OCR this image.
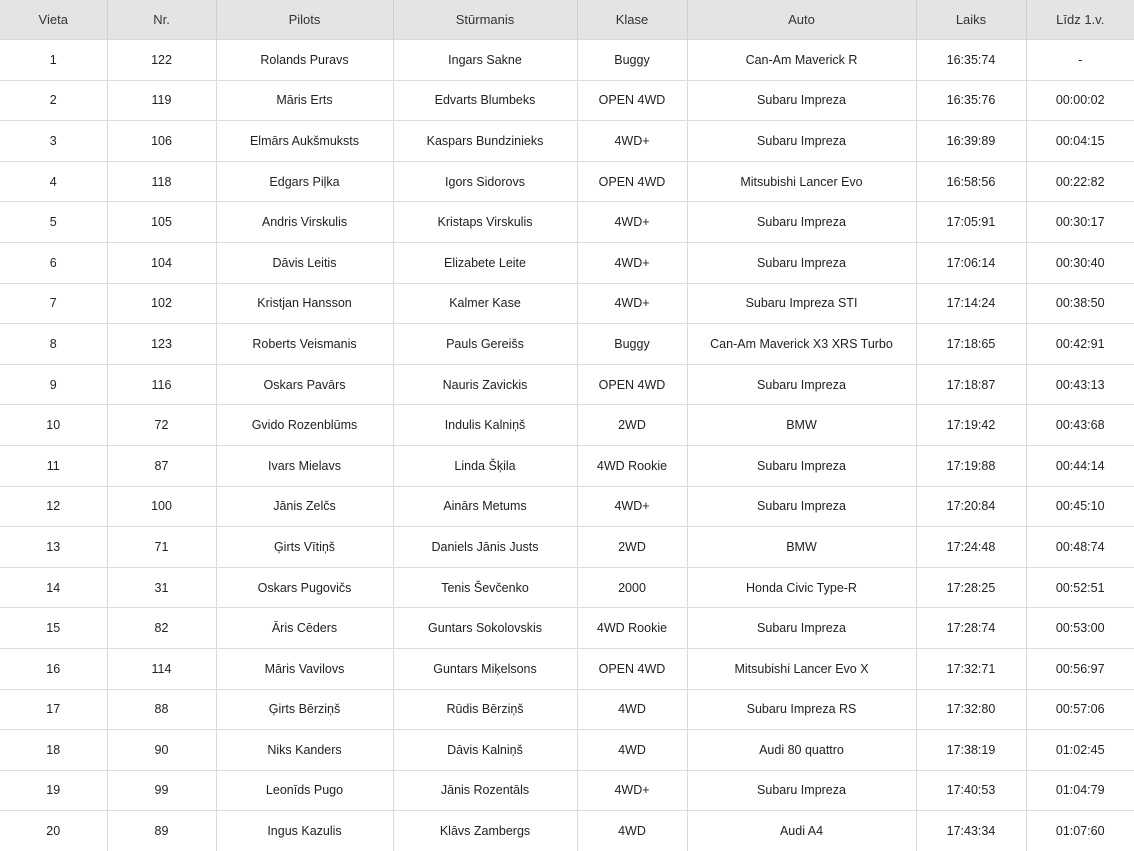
Vieta	Nr.	Pilots	Stūrmanis	Klase	Auto	Laiks	Līdz 1.v.
1	122	Rolands Puravs	Ingars Sakne	Buggy	Can-Am Maverick R	16:35:74	-
2	119	Māris Erts	Edvarts Blumbeks	OPEN 4WD	Subaru Impreza	16:35:76	00:00:02
3	106	Elmārs Aukšmuksts	Kaspars Bundzinieks	4WD+	Subaru Impreza	16:39:89	00:04:15
4	118	Edgars Piļka	Igors Sidorovs	OPEN 4WD	Mitsubishi Lancer Evo	16:58:56	00:22:82
5	105	Andris Virskulis	Kristaps Virskulis	4WD+	Subaru Impreza	17:05:91	00:30:17
6	104	Dāvis Leitis	Elizabete Leite	4WD+	Subaru Impreza	17:06:14	00:30:40
7	102	Kristjan Hansson	Kalmer Kase	4WD+	Subaru Impreza STI	17:14:24	00:38:50
8	123	Roberts Veismanis	Pauls Gereišs	Buggy	Can-Am Maverick X3 XRS Turbo	17:18:65	00:42:91
9	116	Oskars Pavārs	Nauris Zavickis	OPEN 4WD	Subaru Impreza	17:18:87	00:43:13
10	72	Gvido Rozenblūms	Indulis Kalniņš	2WD	BMW	17:19:42	00:43:68
11	87	Ivars Mielavs	Linda Šķila	4WD Rookie	Subaru Impreza	17:19:88	00:44:14
12	100	Jānis Zelčs	Ainārs Metums	4WD+	Subaru Impreza	17:20:84	00:45:10
13	71	Ģirts Vītiņš	Daniels Jānis Justs	2WD	BMW	17:24:48	00:48:74
14	31	Oskars Pugovičs	Tenis Ševčenko	2000	Honda Civic Type-R	17:28:25	00:52:51
15	82	Āris Cēders	Guntars Sokolovskis	4WD Rookie	Subaru Impreza	17:28:74	00:53:00
16	114	Māris Vavilovs	Guntars Miķelsons	OPEN 4WD	Mitsubishi Lancer Evo X	17:32:71	00:56:97
17	88	Ģirts Bērziņš	Rūdis Bērziņš	4WD	Subaru Impreza RS	17:32:80	00:57:06
18	90	Niks Kanders	Dāvis Kalniņš	4WD	Audi 80 quattro	17:38:19	01:02:45
19	99	Leonīds Pugo	Jānis Rozentāls	4WD+	Subaru Impreza	17:40:53	01:04:79
20	89	Ingus Kazulis	Klāvs Zambergs	4WD	Audi A4	17:43:34	01:07:60
